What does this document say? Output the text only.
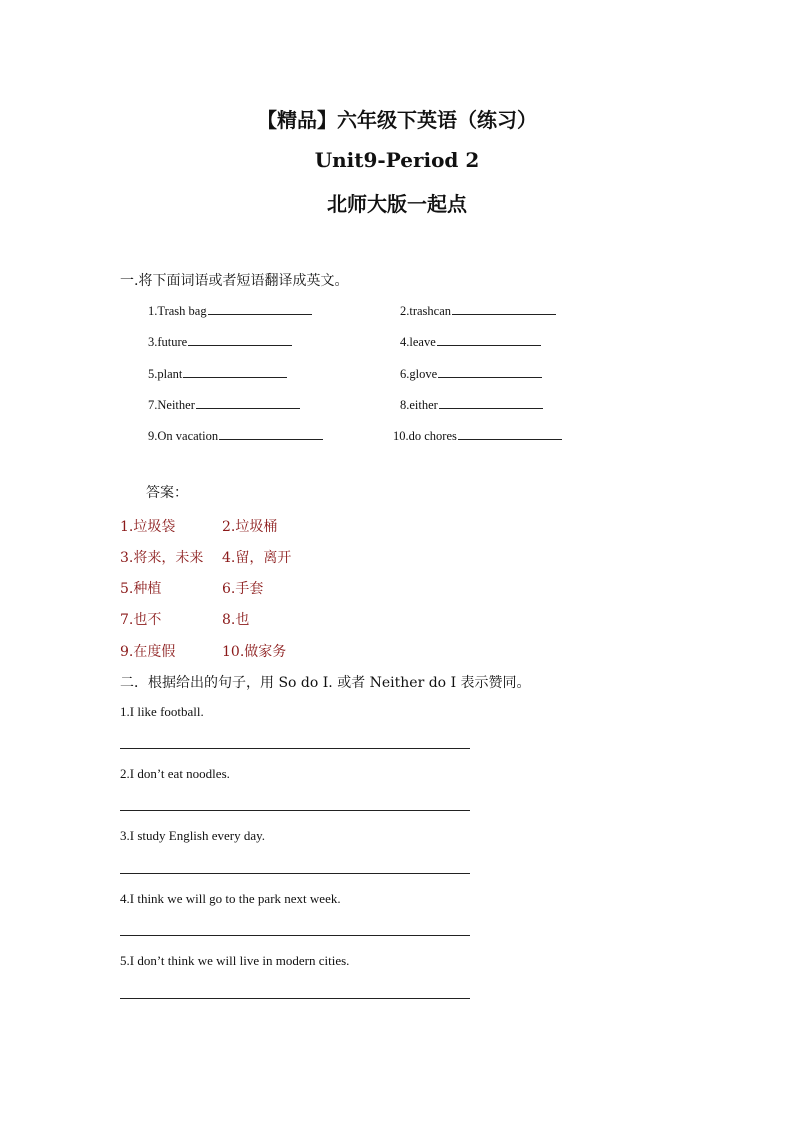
【精品】六年级下英语（练习）
Unit9-Period 2
北师大版一起点
一.将下面词语或者短语翻译成英文。
1.Trash bag	2.trashcan
3.future	4.leave
5.plant	6.glove
7.Neither	8.either
9.On vacation	10.do chores
答案：
1.垃圾袋	2.垃圾桶
3.将来，未来 4.留，离开
5.种植	6.手套
7.也不	8.也
9.在度假	10.做家务
二．根据给出的句子，用 So do I. 或者 Neither do I 表示赞同。
1.I like football.
2.I don’t eat noodles.
3.I study English every day.
4.I think we will go to the park next week.
5.I don’t think we will live in modern cities.
